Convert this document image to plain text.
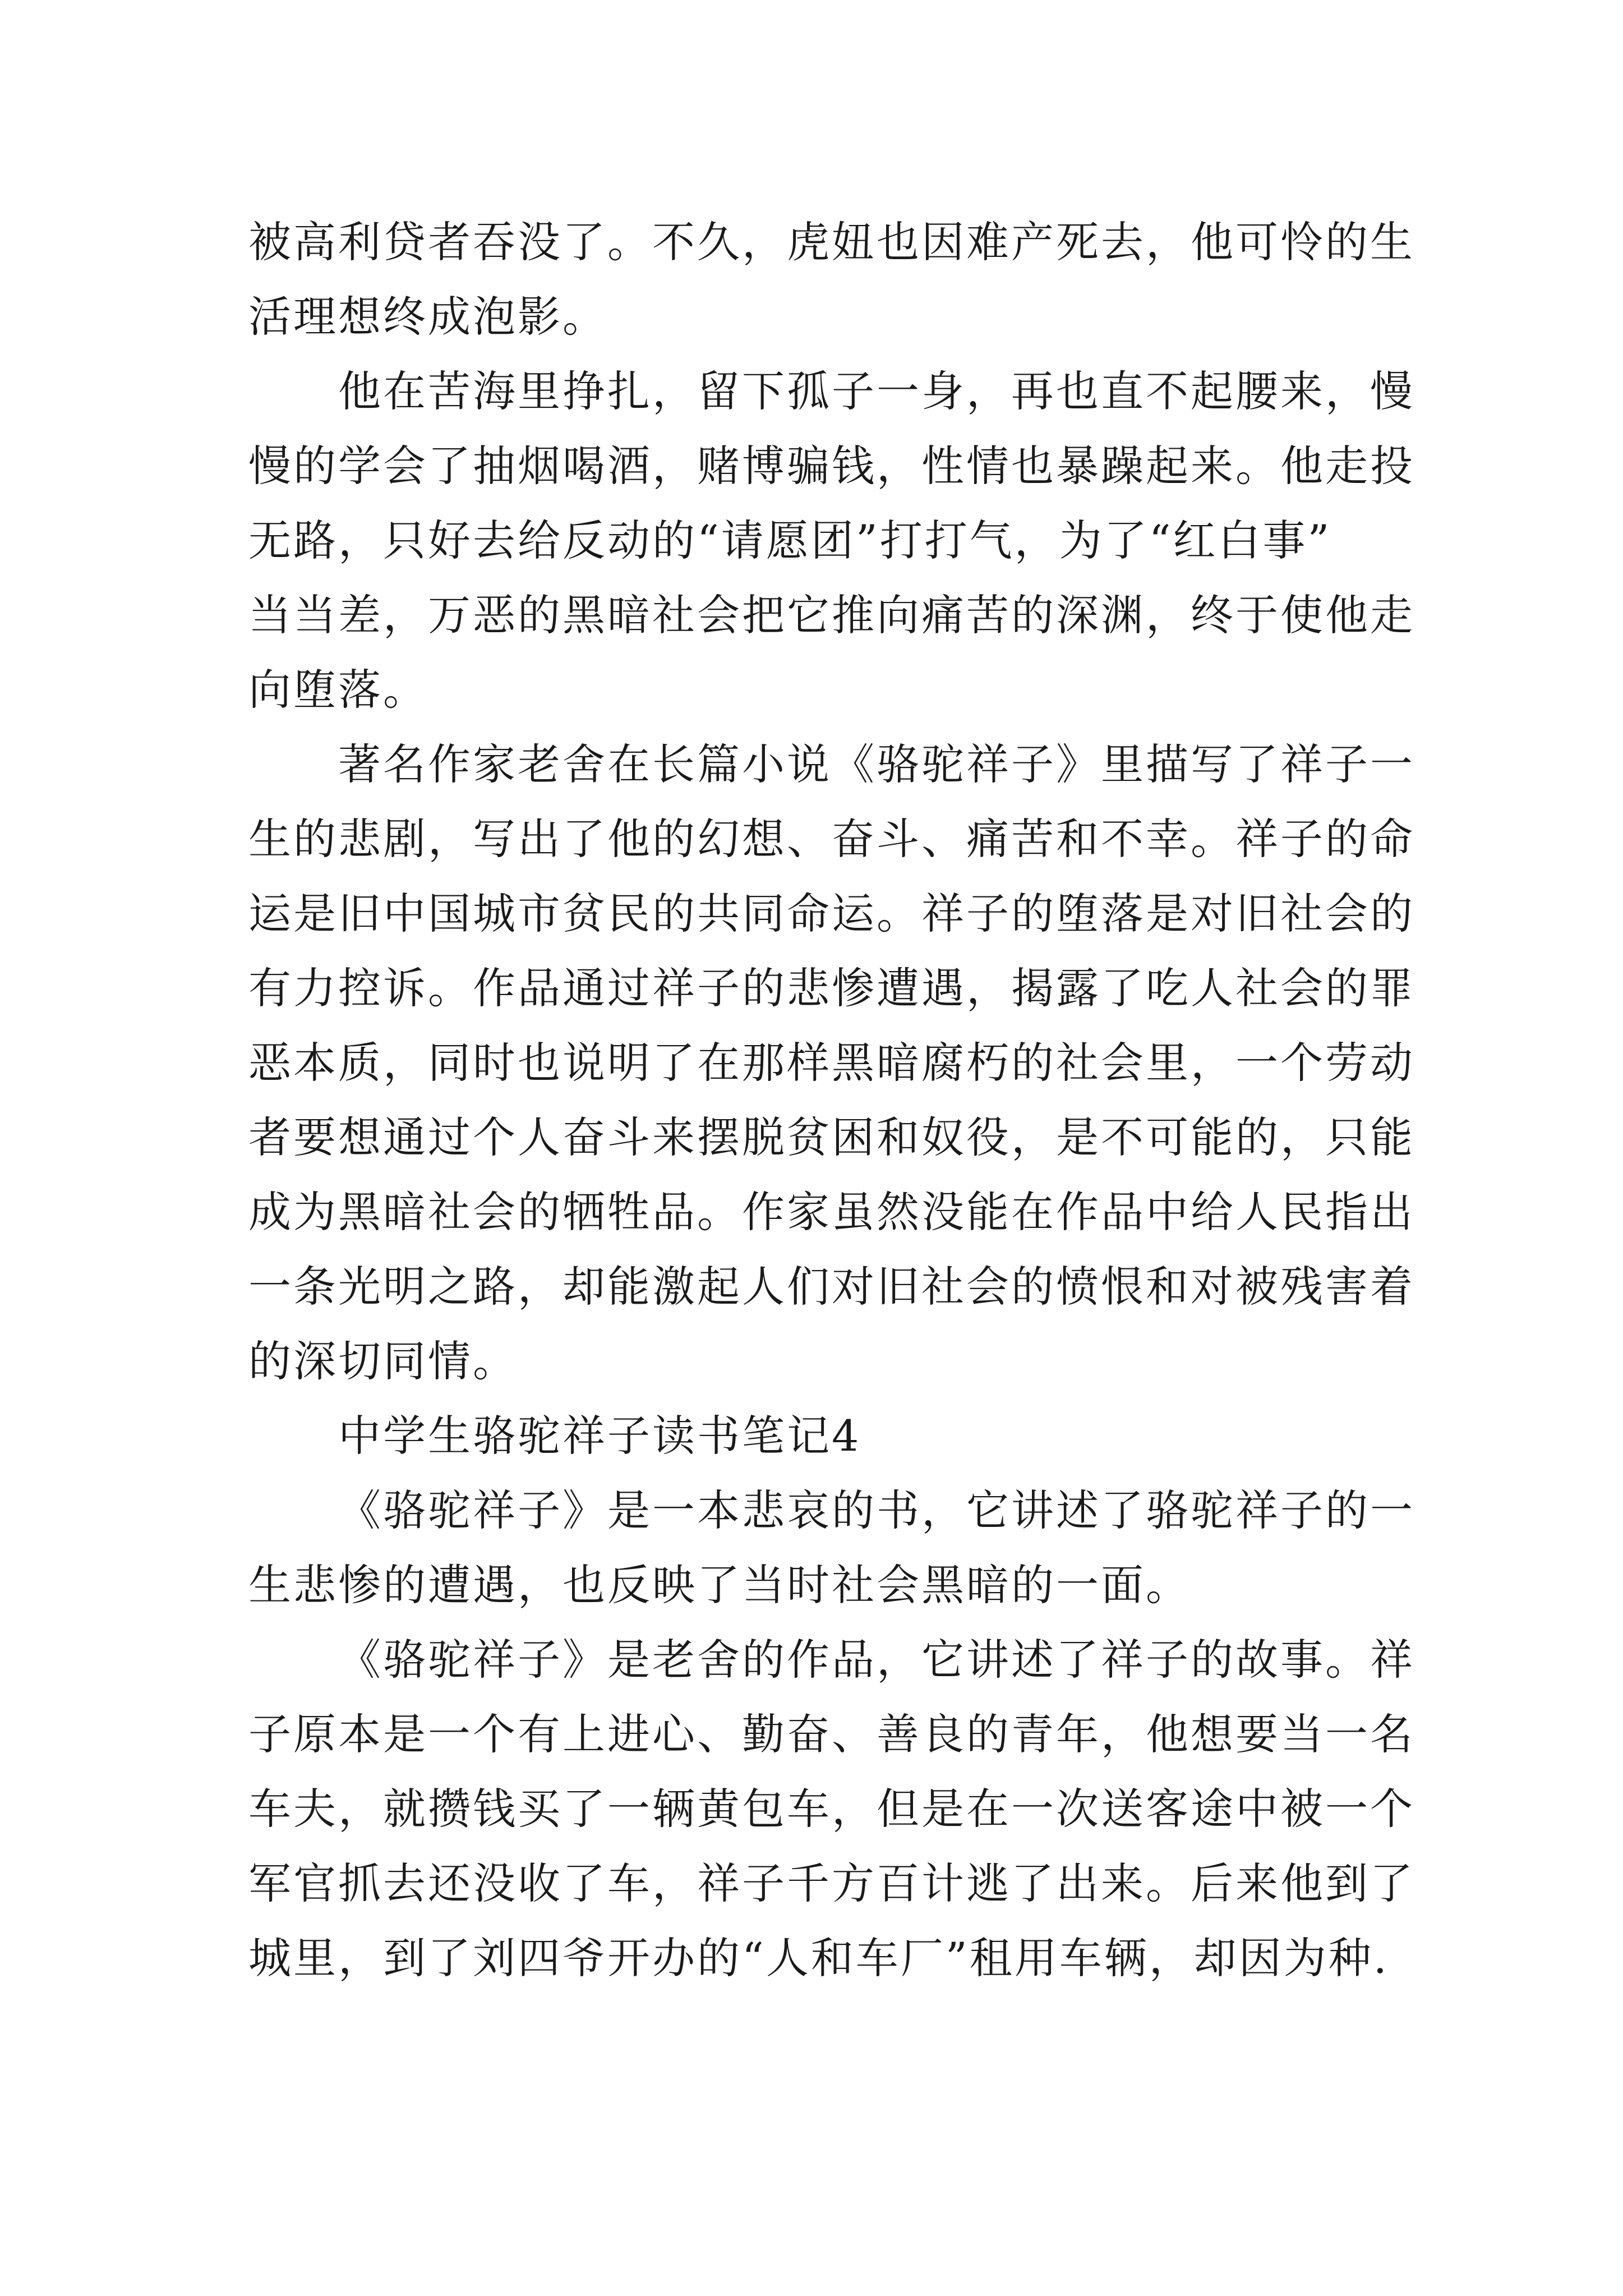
被高利贷者吞没了。不久，虎妞也因难产死去，他可怜的生
活理想终成泡影。
他在苦海里挣扎，留下孤子一身，再也直不起腰来，慢
慢的学会了抽烟喝酒，赌博骗钱，性情也暴躁起来。他走投
无路，只好去给反动的“请愿团”打打气，为了“红白事”
当当差，万恶的黑暗社会把它推向痛苦的深渊，终于使他走
向堕落。
著名作家老舍在长篇小说《骆驼祥子》里描写了祥子一
生的悲剧，写出了他的幻想、奋斗、痛苦和不幸。祥子的命
运是旧中国城市贫民的共同命运。祥子的堕落是对旧社会的
有力控诉。作品通过祥子的悲惨遭遇，揭露了吃人社会的罪
恶本质，同时也说明了在那样黑暗腐朽的社会里，一个劳动
者要想通过个人奋斗来摆脱贫困和奴役，是不可能的，只能
成为黑暗社会的牺牲品。作家虽然没能在作品中给人民指出
一条光明之路，却能激起人们对旧社会的愤恨和对被残害着
的深切同情。
中学生骆驼祥子读书笔记4
《骆驼祥子》是一本悲哀的书，它讲述了骆驼祥子的一
生悲惨的遭遇，也反映了当时社会黑暗的一面。
《骆驼祥子》是老舍的作品，它讲述了祥子的故事。祥
子原本是一个有上进心、勤奋、善良的青年，他想要当一名
车夫，就攒钱买了一辆黄包车，但是在一次送客途中被一个
军官抓去还没收了车，祥子千方百计逃了出来。后来他到了
城里，到了刘四爷开办的“人和车厂”租用车辆，却因为种.
